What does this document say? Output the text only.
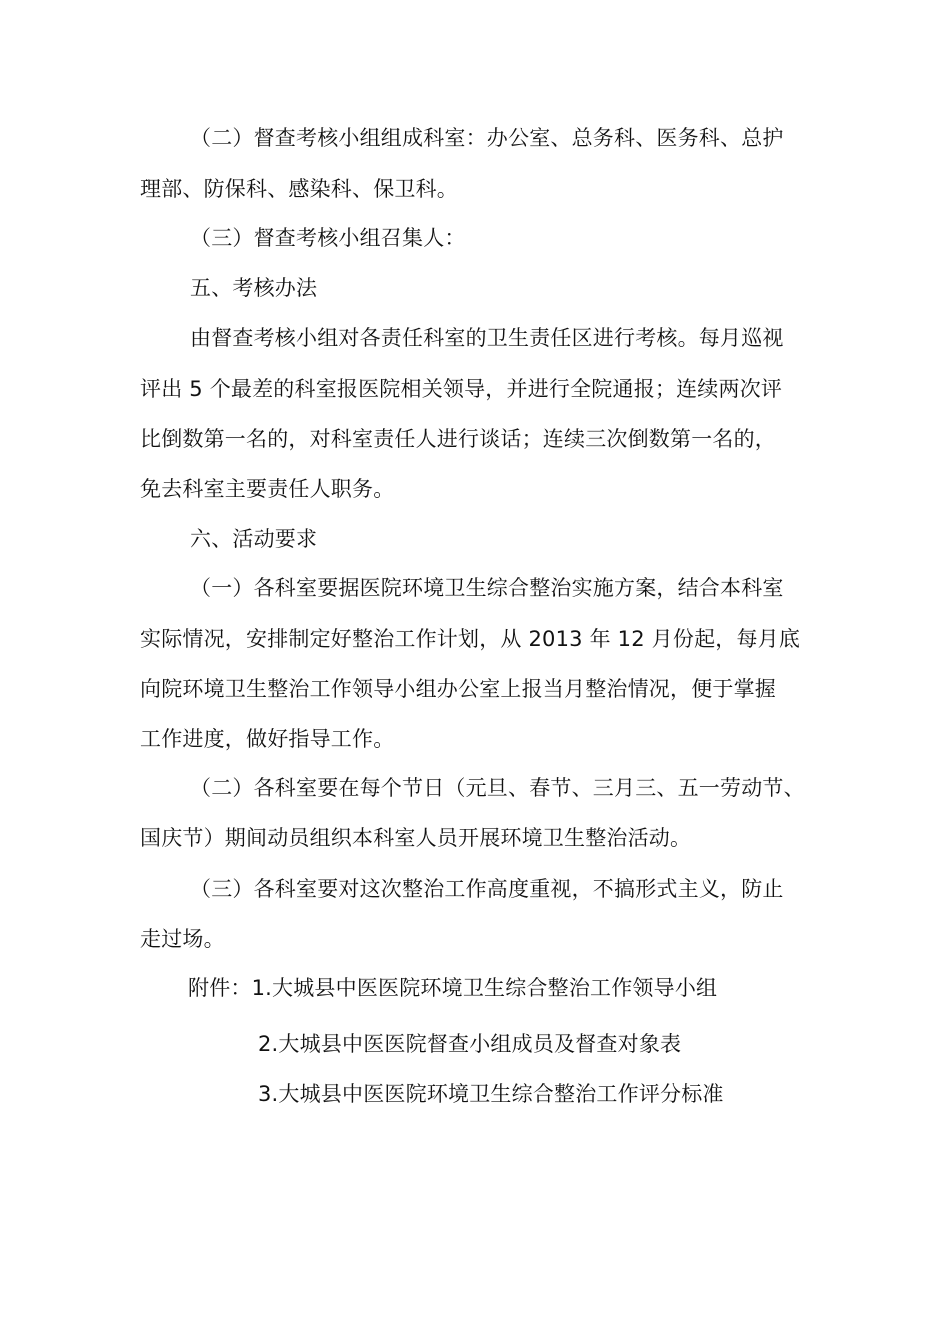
（二）督查考核小组组成科室：办公室、总务科、医务科、总护
理部、防保科、感染科、保卫科。
（三）督查考核小组召集人：
五、考核办法
由督查考核小组对各责任科室的卫生责任区进行考核。每月巡视
评出 5 个最差的科室报医院相关领导，并进行全院通报；连续两次评
比倒数第一名的，对科室责任人进行谈话；连续三次倒数第一名的，
免去科室主要责任人职务。
六、活动要求
（一）各科室要据医院环境卫生综合整治实施方案，结合本科室
实际情况，安排制定好整治工作计划，从 2013 年 12 月份起，每月底
向院环境卫生整治工作领导小组办公室上报当月整治情况，便于掌握
工作进度，做好指导工作。
（二）各科室要在每个节日（元旦、春节、三月三、五一劳动节、
国庆节）期间动员组织本科室人员开展环境卫生整治活动。
（三）各科室要对这次整治工作高度重视，不搞形式主义，防止
走过场。
附件：1.大城县中医医院环境卫生综合整治工作领导小组
2.大城县中医医院督查小组成员及督查对象表
3.大城县中医医院环境卫生综合整治工作评分标准
